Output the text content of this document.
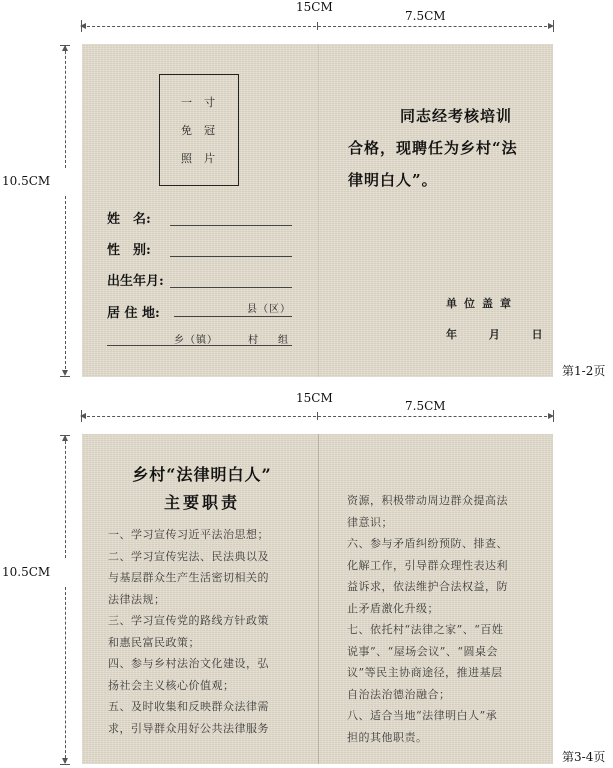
15CM
7.5CM
10.5CM
一寸
免冠
照片
姓　名:
性　别:
出生年月:
居 住 地:	县（区）
乡（镇）	村 组
同志经考核培训
合格，现聘任为乡村“法
律明白人”。
单位盖章
年 月 日
第1-2页
15CM
7.5CM
10.5CM
乡村“法律明白人”
主要职责
一、学习宣传习近平法治思想；
二、学习宣传宪法、民法典以及
与基层群众生产生活密切相关的
法律法规；
三、学习宣传党的路线方针政策
和惠民富民政策；
四、参与乡村法治文化建设，弘
扬社会主义核心价值观；
五、及时收集和反映群众法律需
求，引导群众用好公共法律服务
资源，积极带动周边群众提高法
律意识；
六、参与矛盾纠纷预防、排查、
化解工作，引导群众理性表达利
益诉求，依法维护合法权益，防
止矛盾激化升级；
七、依托村“法律之家”、“百姓
说事”、“屋场会议”、“圆桌会
议”等民主协商途径，推进基层
自治法治德治融合；
八、适合当地“法律明白人”承
担的其他职责。
第3-4页
